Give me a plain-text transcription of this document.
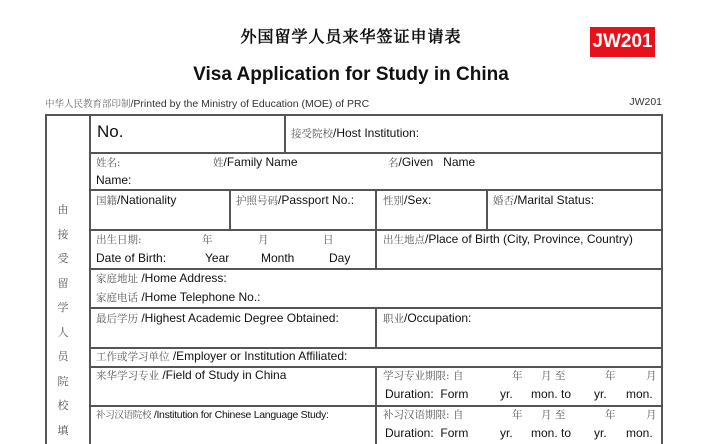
外国留学人员来华签证申请表	JW201
Visa Application for Study in China
中华人民教育部印制/Printed by the Ministry of Education (MOE) of PRC	JW201
由接受留学人员院校填
No.	接受院校/Host Institution:
姓名:	姓/Family Name	名/Given   Name
Name:
国籍/Nationality	护照号码/Passport No.:	性别/Sex:	婚否/Marital Status:
出生日期:	年	月	日
Date of Birth:	Year	Month	Day
出生地点/Place of Birth (City, Province, Country)
家庭地址 /Home Address:
家庭电话 /Home Telephone No.:
最后学历 /Highest Academic Degree Obtained:	职业/Occupation:
工作或学习单位 /Employer or Institution Affiliated:
来华学习专业 /Field of Study in China	学习专业期限: 自	年 月 至	年	月
Duration:  Form	yr. mon. to yr. mon.
补习汉语院校 /Institution for Chinese Language Study:	补习汉语期限: 自	年 月 至	年	月
Duration:  Form	yr. mon. to yr. mon.
